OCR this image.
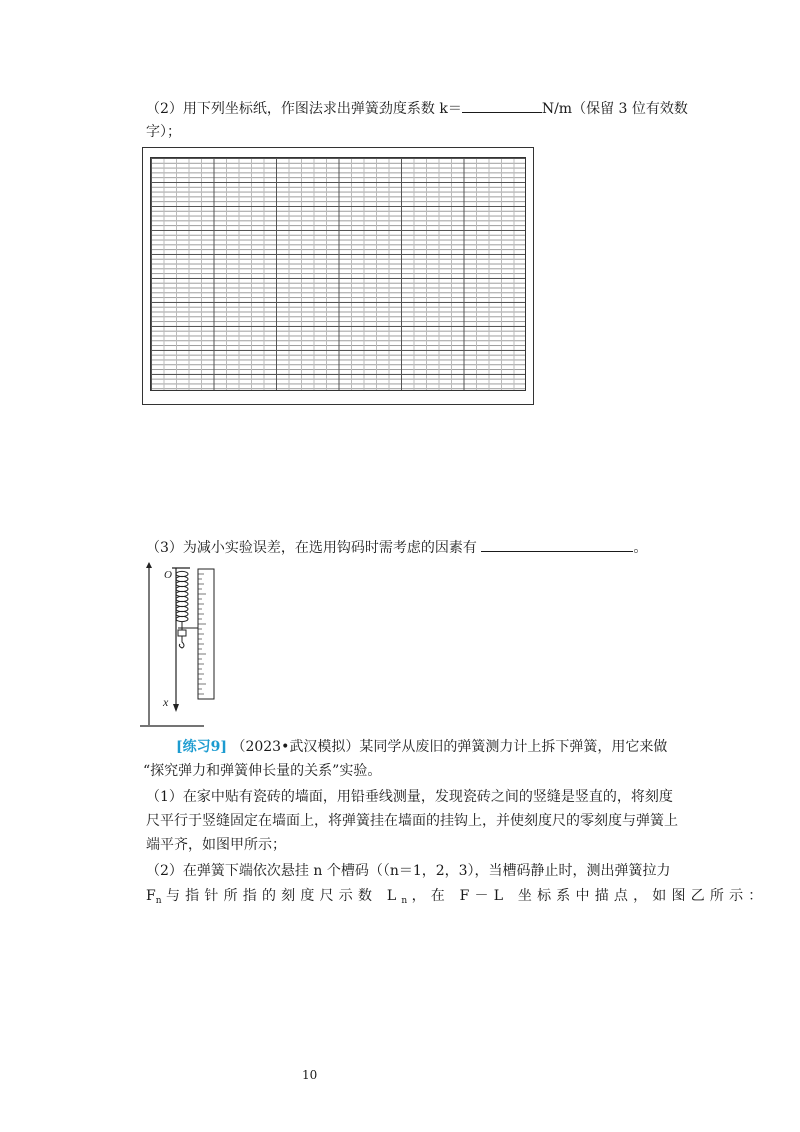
（2）用下列坐标纸，作图法求出弹簧劲度系数 k＝	N/m（保留 3 位有效数
字）；
（3）为减小实验误差，在选用钩码时需考虑的因素有	。
O
x
[练习9] （2023•武汉模拟）某同学从废旧的弹簧测力计上拆下弹簧，用它来做
“探究弹力和弹簧伸长量的关系”实验。
（1）在家中贴有瓷砖的墙面，用铅垂线测量，发现瓷砖之间的竖缝是竖直的，将刻度
尺平行于竖缝固定在墙面上，将弹簧挂在墙面的挂钩上，并使刻度尺的零刻度与弹簧上
端平齐，如图甲所示；
（2）在弹簧下端依次悬挂 n 个槽码（（n＝1，2，3），当槽码静止时，测出弹簧拉力
$F_n$ 与指针所指的刻度尺示数 $L_n$ ，在 F－L 坐标系中描点，如图乙所示：
10
